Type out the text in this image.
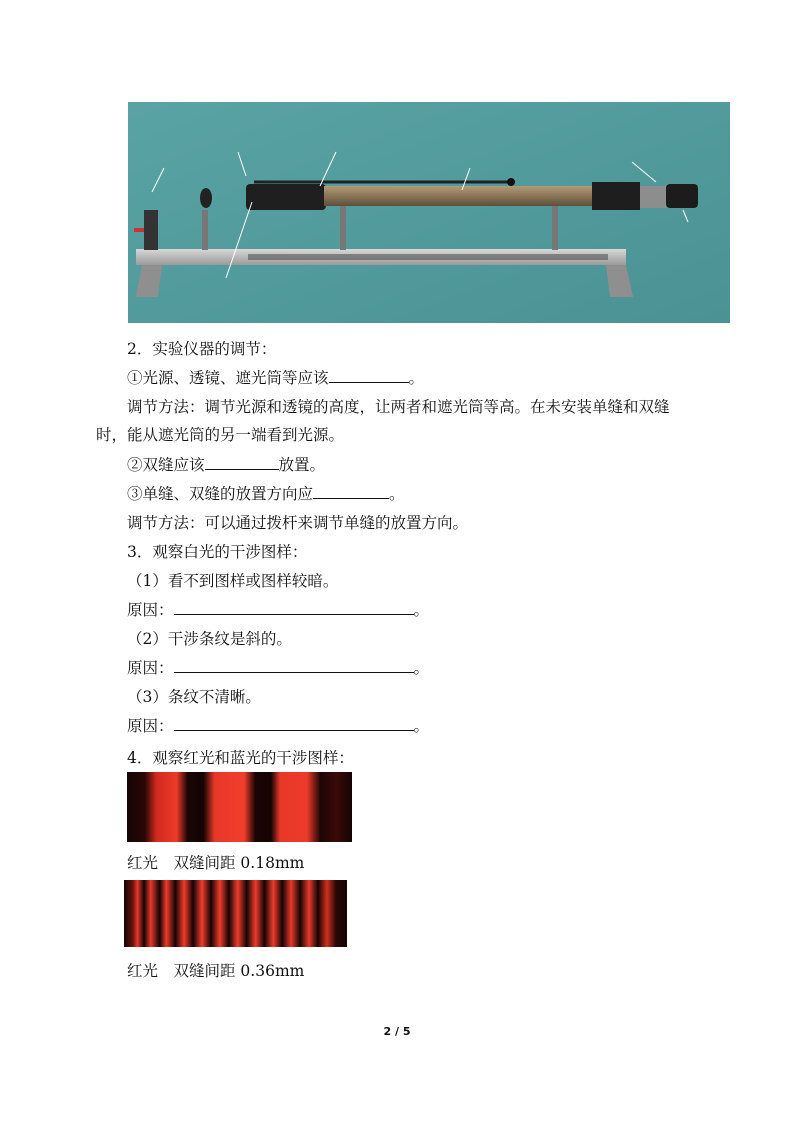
2．实验仪器的调节：
①光源、透镜、遮光筒等应该	。
调节方法：调节光源和透镜的高度，让两者和遮光筒等高。在未安装单缝和双缝
时，能从遮光筒的另一端看到光源。
②双缝应该	放置。
③单缝、双缝的放置方向应	。
调节方法：可以通过拨杆来调节单缝的放置方向。
3．观察白光的干涉图样：
（1）看不到图样或图样较暗。
原因：	。
（2）干涉条纹是斜的。
原因：	。
（3）条纹不清晰。
原因：	。
4．观察红光和蓝光的干涉图样：
红光　双缝间距 0.18mm
红光　双缝间距 0.36mm
2 / 5
